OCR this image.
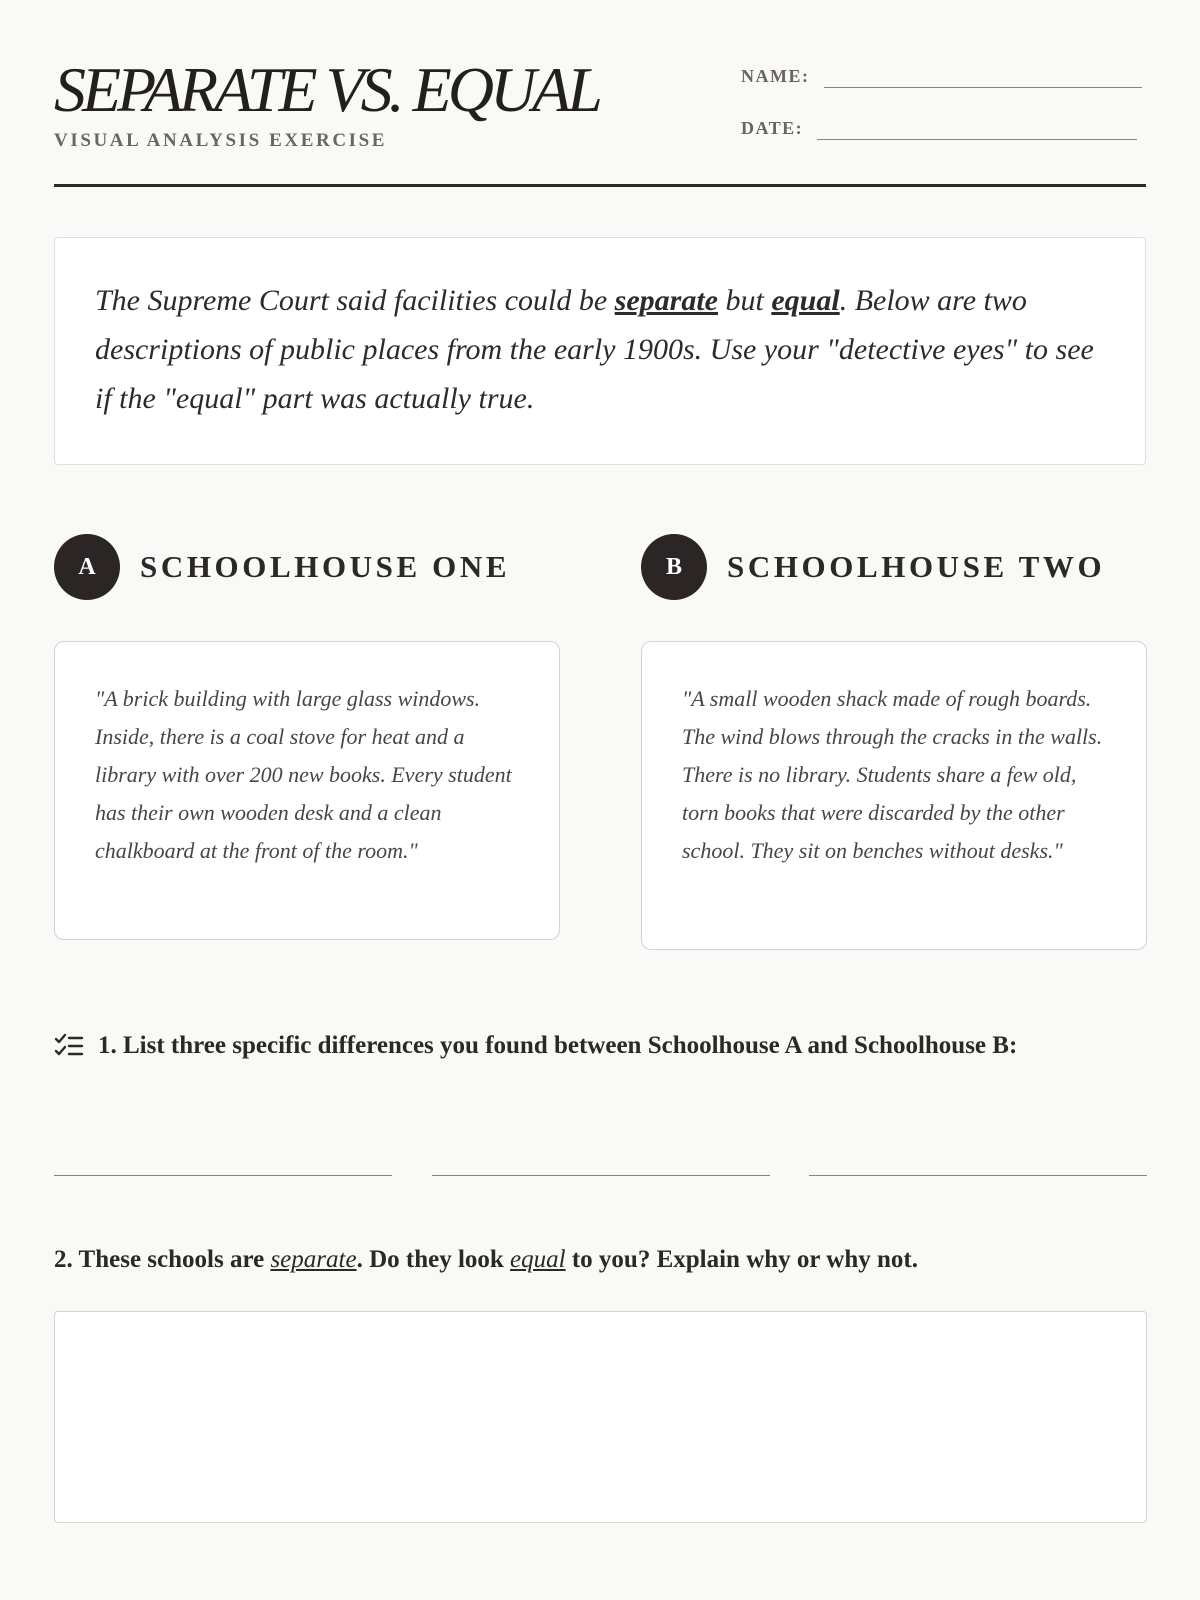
SEPARATE VS. EQUAL
VISUAL ANALYSIS EXERCISE
NAME:
DATE:
The Supreme Court said facilities could be separate but equal. Below are two descriptions of public places from the early 1900s. Use your "detective eyes" to see if the "equal" part was actually true.
A	SCHOOLHOUSE ONE	B	SCHOOLHOUSE TWO
"A brick building with large glass windows. Inside, there is a coal stove for heat and a library with over 200 new books. Every student has their own wooden desk and a clean chalkboard at the front of the room."
"A small wooden shack made of rough boards. The wind blows through the cracks in the walls. There is no library. Students share a few old, torn books that were discarded by the other school. They sit on benches without desks."
1. List three specific differences you found between Schoolhouse A and Schoolhouse B:
2. These schools are separate. Do they look equal to you? Explain why or why not.
